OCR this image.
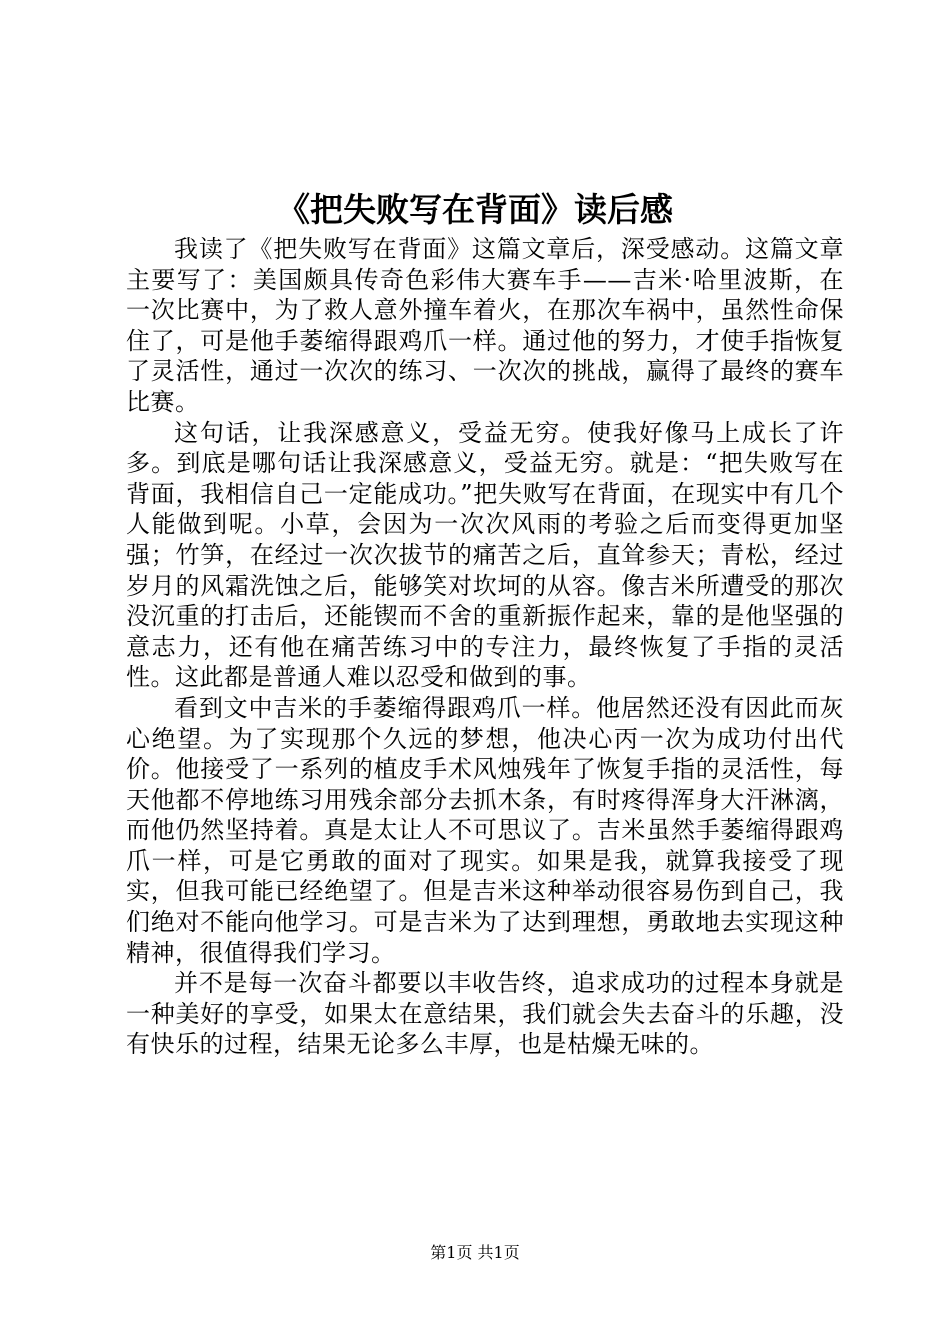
《把失败写在背面》读后感

我读了《把失败写在背面》这篇文章后，深受感动。这篇文章主要写了：美国颇具传奇色彩伟大赛车手——吉米·哈里波斯，在一次比赛中，为了救人意外撞车着火，在那次车祸中，虽然性命保住了，可是他手萎缩得跟鸡爪一样。通过他的努力，才使手指恢复了灵活性，通过一次次的练习、一次次的挑战，赢得了最终的赛车比赛。

这句话，让我深感意义，受益无穷。使我好像马上成长了许多。到底是哪句话让我深感意义，受益无穷。就是：“把失败写在背面，我相信自己一定能成功。”把失败写在背面，在现实中有几个人能做到呢。小草，会因为一次次风雨的考验之后而变得更加坚强；竹笋，在经过一次次拔节的痛苦之后，直耸参天；青松，经过岁月的风霜洗蚀之后，能够笑对坎坷的从容。像吉米所遭受的那次没沉重的打击后，还能锲而不舍的重新振作起来，靠的是他坚强的意志力，还有他在痛苦练习中的专注力，最终恢复了手指的灵活性。这此都是普通人难以忍受和做到的事。

看到文中吉米的手萎缩得跟鸡爪一样。他居然还没有因此而灰心绝望。为了实现那个久远的梦想，他决心丙一次为成功付出代价。他接受了一系列的植皮手术风烛残年了恢复手指的灵活性，每天他都不停地练习用残余部分去抓木条，有时疼得浑身大汗淋漓，而他仍然坚持着。真是太让人不可思议了。吉米虽然手萎缩得跟鸡爪一样，可是它勇敢的面对了现实。如果是我，就算我接受了现实，但我可能已经绝望了。但是吉米这种举动很容易伤到自己，我们绝对不能向他学习。可是吉米为了达到理想，勇敢地去实现这种精神，很值得我们学习。

并不是每一次奋斗都要以丰收告终，追求成功的过程本身就是一种美好的享受，如果太在意结果，我们就会失去奋斗的乐趣，没有快乐的过程，结果无论多么丰厚，也是枯燥无味的。

第1页 共1页
